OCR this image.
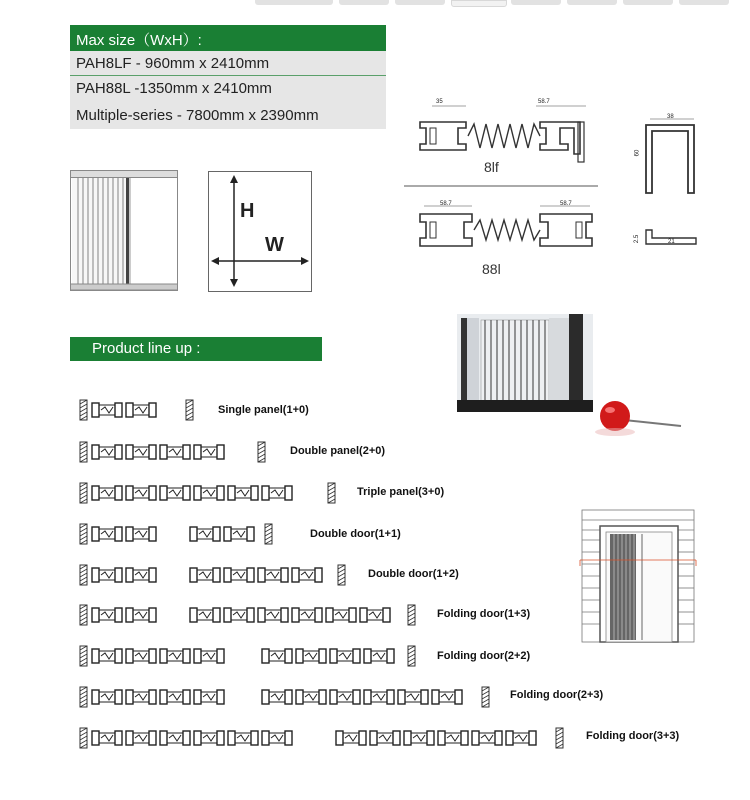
Max size（WxH）:
PAH8LF - 960mm x 2410mm
PAH88L -1350mm x 2410mm
Multiple-series - 7800mm x 2390mm
H
W
35	58.7
8lf
58.7	58.7
88l
38
60
2.5	21
Product line up :
Single panel(1+0)
Double panel(2+0)
Triple panel(3+0)
Double door(1+1)
Double door(1+2)
Folding door(1+3)
Folding door(2+2)
Folding door(2+3)
Folding door(3+3)
